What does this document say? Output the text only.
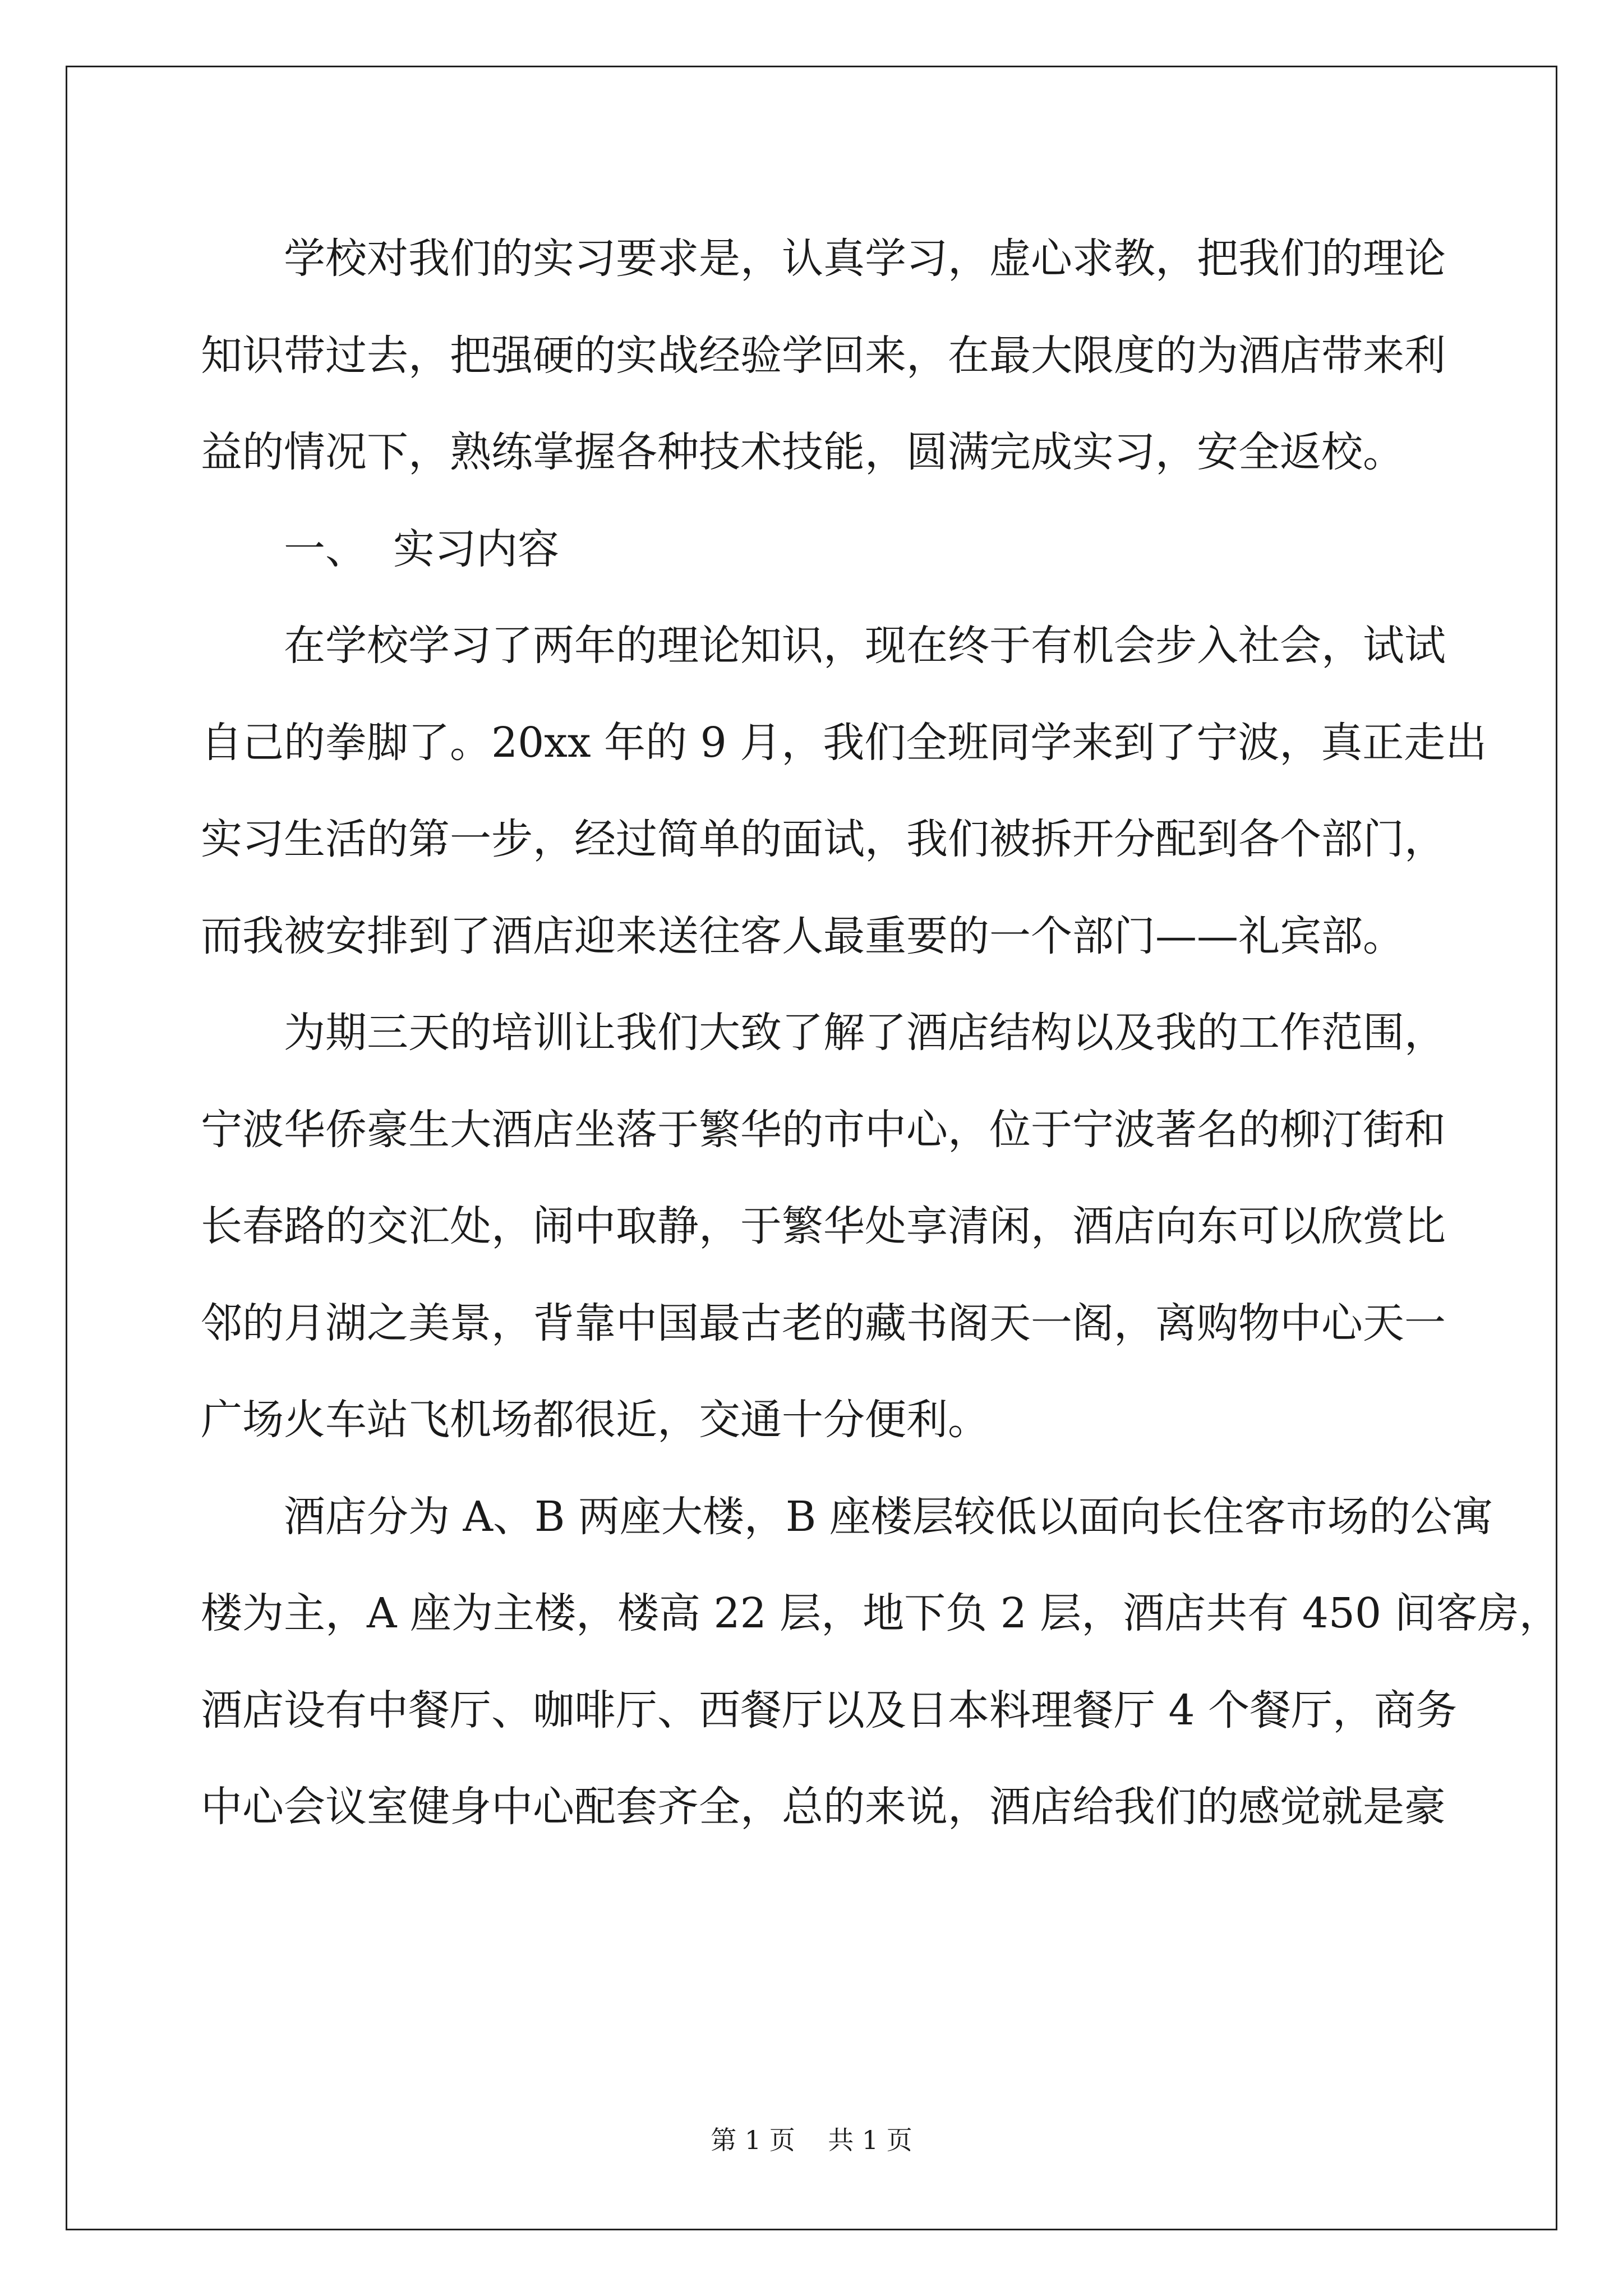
学校对我们的实习要求是，认真学习，虚心求教，把我们的理论
知识带过去，把强硬的实战经验学回来，在最大限度的为酒店带来利
益的情况下，熟练掌握各种技术技能，圆满完成实习，安全返校。
一、  实习内容
在学校学习了两年的理论知识，现在终于有机会步入社会，试试
自己的拳脚了。20xx 年的 9 月，我们全班同学来到了宁波，真正走出
实习生活的第一步，经过简单的面试，我们被拆开分配到各个部门，
而我被安排到了酒店迎来送往客人最重要的一个部门——礼宾部。
为期三天的培训让我们大致了解了酒店结构以及我的工作范围，
宁波华侨豪生大酒店坐落于繁华的市中心，位于宁波著名的柳汀街和
长春路的交汇处，闹中取静，于繁华处享清闲，酒店向东可以欣赏比
邻的月湖之美景，背靠中国最古老的藏书阁天一阁，离购物中心天一
广场火车站飞机场都很近，交通十分便利。
酒店分为 A、B 两座大楼，B 座楼层较低以面向长住客市场的公寓
楼为主，A 座为主楼，楼高 22 层，地下负 2 层，酒店共有 450 间客房，
酒店设有中餐厅、咖啡厅、西餐厅以及日本料理餐厅 4 个餐厅，商务
中心会议室健身中心配套齐全，总的来说，酒店给我们的感觉就是豪
第 1 页    共 1 页
